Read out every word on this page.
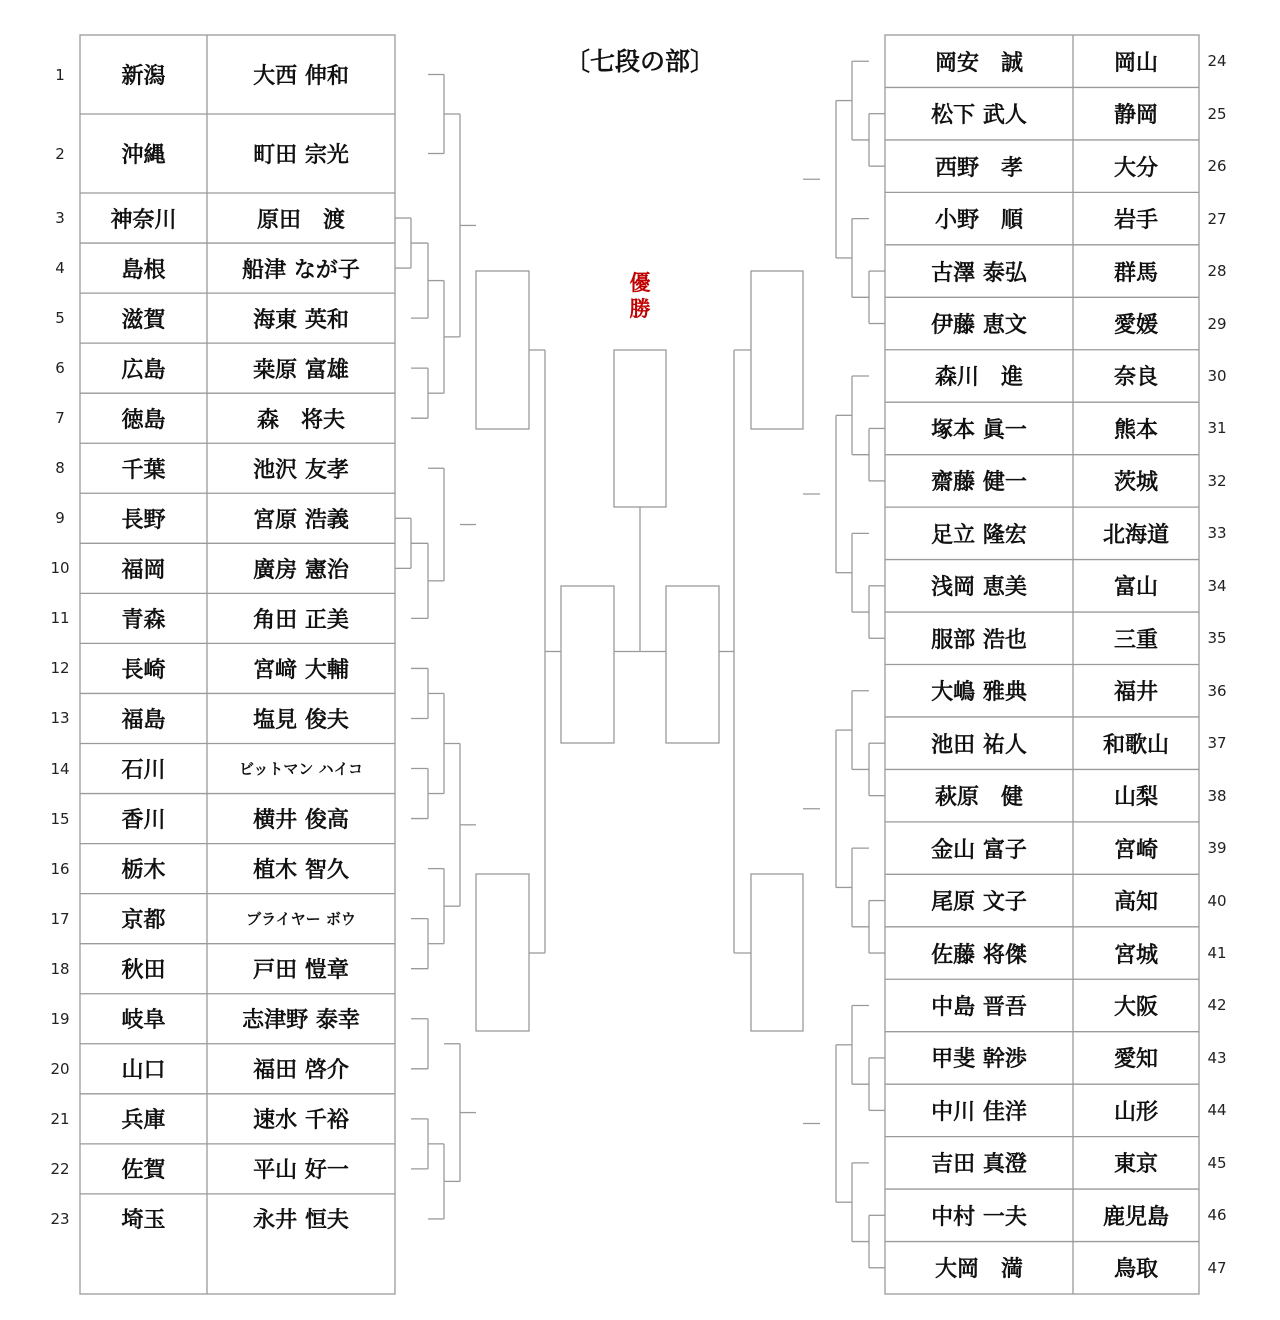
1	新潟	大西 伸和
2	沖縄	町田 宗光
3	神奈川	原田　渡
4	島根	船津 なが子
5	滋賀	海東 英和
6	広島	桒原 富雄
7	徳島	森　将夫
8	千葉	池沢 友孝
9	長野	宮原 浩義
10	福岡	廣房 憲治
11	青森	角田 正美
12	長崎	宮﨑 大輔
13	福島	塩見 俊夫
14	石川	ビットマン ハイコ
15	香川	横井 俊高
16	栃木	植木 智久
17	京都	ブライヤー ボウ
18	秋田	戸田 愷章
19	岐阜	志津野 泰幸
20	山口	福田 啓介
21	兵庫	速水 千裕
22	佐賀	平山 好一
23	埼玉	永井 恒夫
岡安　誠	岡山	24
松下 武人	静岡	25
西野　孝	大分	26
小野　順	岩手	27
古澤 泰弘	群馬	28
伊藤 恵文	愛媛	29
森川　進	奈良	30
塚本 眞一	熊本	31
齋藤 健一	茨城	32
足立 隆宏	北海道	33
浅岡 恵美	富山	34
服部 浩也	三重	35
大嶋 雅典	福井	36
池田 祐人	和歌山	37
萩原　健	山梨	38
金山 富子	宮崎	39
尾原 文子	高知	40
佐藤 将傑	宮城	41
中島 晋吾	大阪	42
甲斐 幹渉	愛知	43
中川 佳洋	山形	44
吉田 真澄	東京	45
中村 一夫	鹿児島	46
大岡　満	鳥取	47
〔七段の部〕
優勝
